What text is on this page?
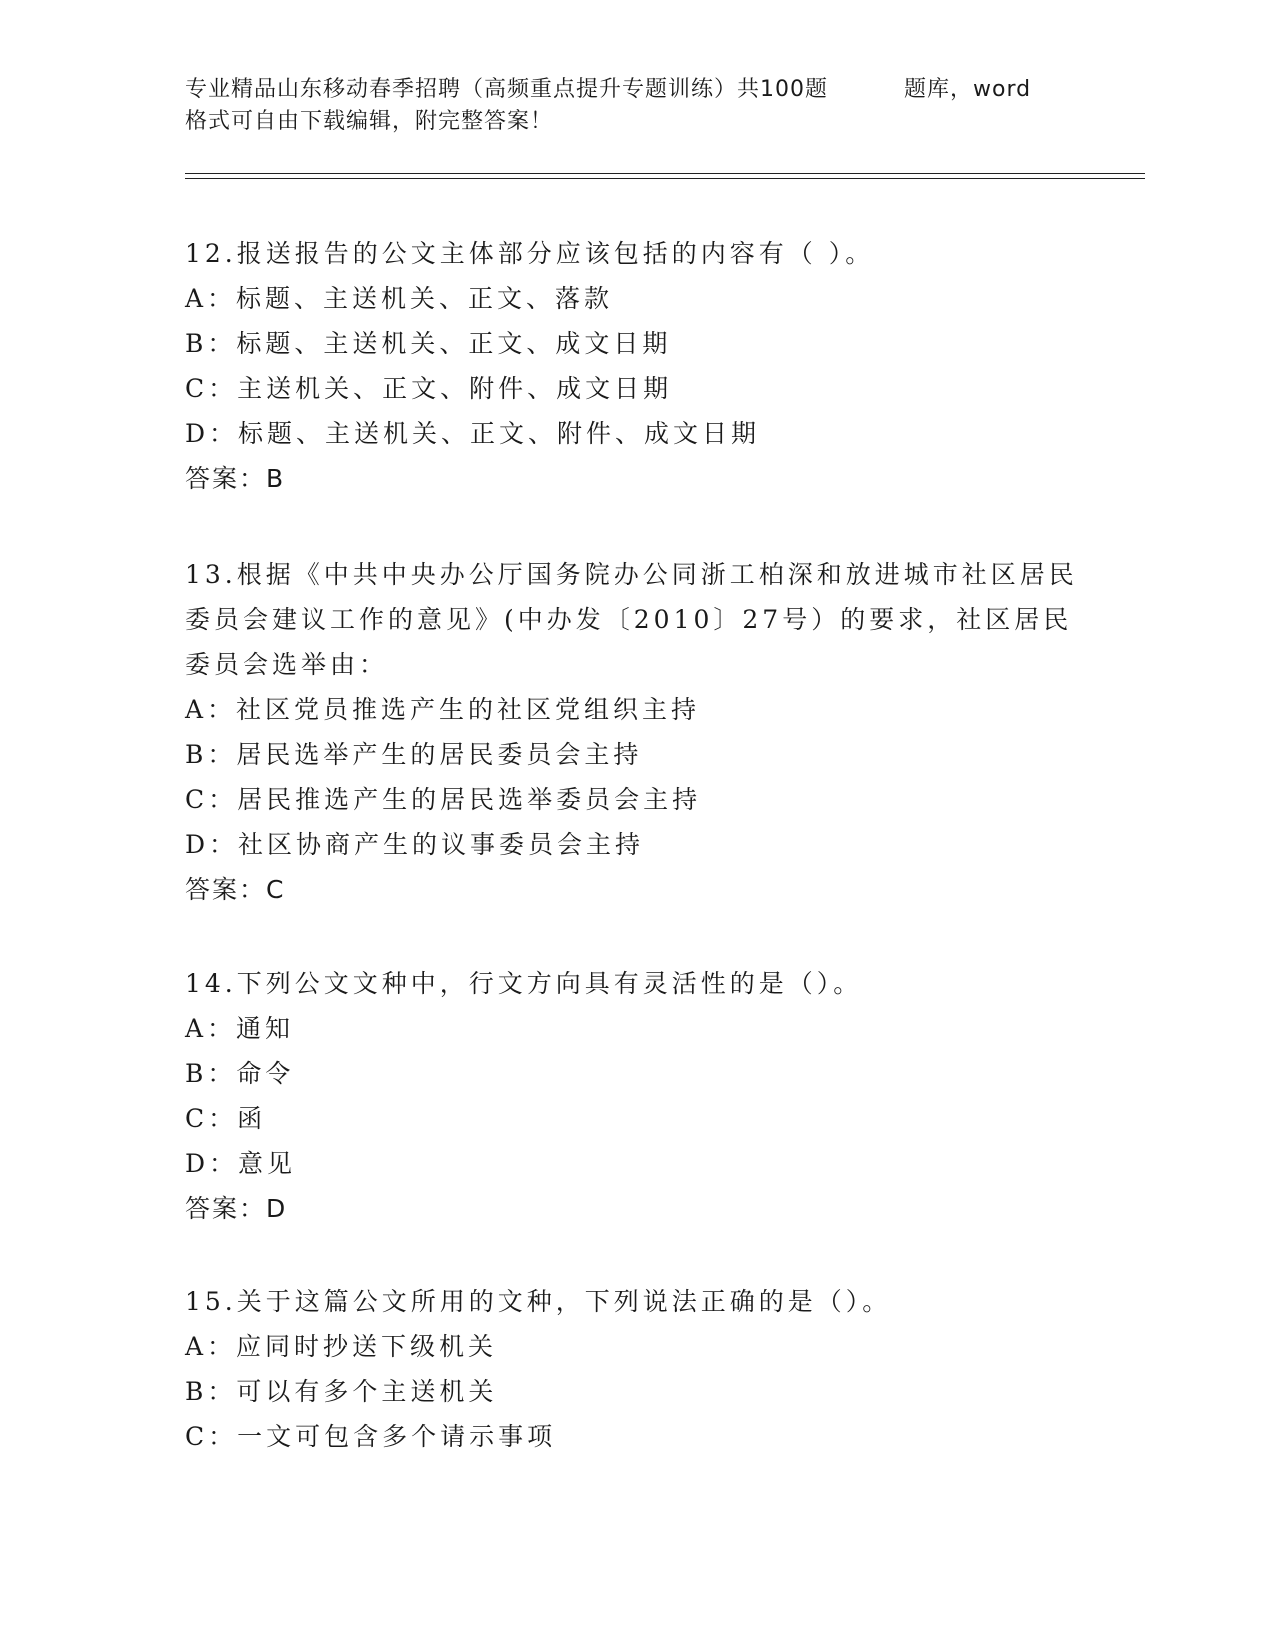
专业精品山东移动春季招聘（高频重点提升专题训练）共100题	题库，word
格式可自由下载编辑，附完整答案！
12.报送报告的公文主体部分应该包括的内容有（ ）。
A：标题、主送机关、正文、落款
B：标题、主送机关、正文、成文日期
C：主送机关、正文、附件、成文日期
D：标题、主送机关、正文、附件、成文日期
答案：B
13.根据《中共中央办公厅国务院办公同浙工柏深和放进城市社区居民委员会建议工作的意见》(中办发〔2010〕27号）的要求，社区居民委员会选举由：
A：社区党员推选产生的社区党组织主持
B：居民选举产生的居民委员会主持
C：居民推选产生的居民选举委员会主持
D：社区协商产生的议事委员会主持
答案：C
14.下列公文文种中，行文方向具有灵活性的是（）。
A：通知
B：命令
C：函
D：意见
答案：D
15.关于这篇公文所用的文种，下列说法正确的是（）。
A：应同时抄送下级机关
B：可以有多个主送机关
C：一文可包含多个请示事项
